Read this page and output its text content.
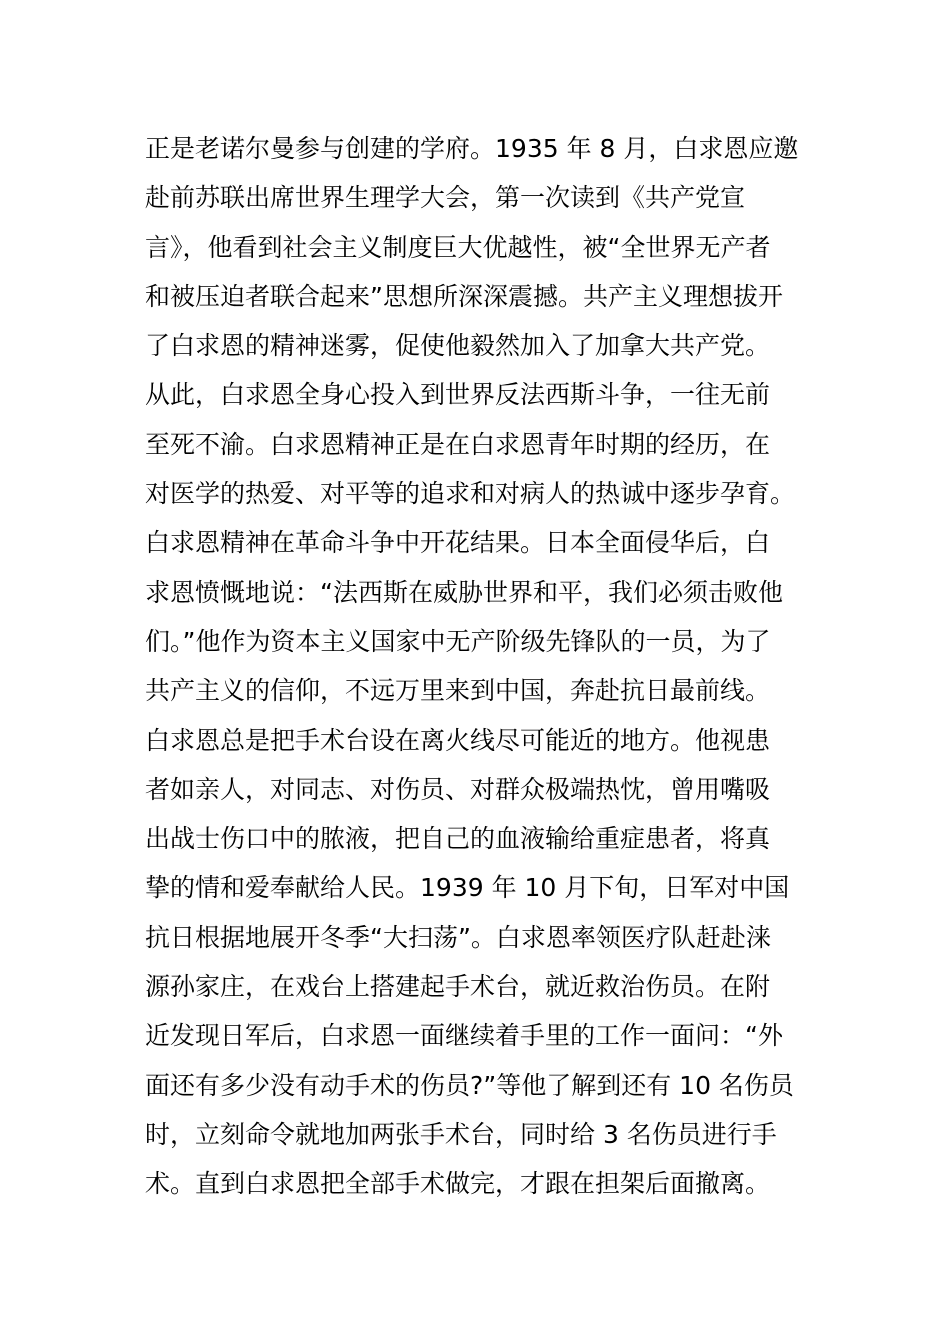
正是老诺尔曼参与创建的学府。1935 年 8 月，白求恩应邀
赴前苏联出席世界生理学大会，第一次读到《共产党宣
言》，他看到社会主义制度巨大优越性，被“全世界无产者
和被压迫者联合起来”思想所深深震撼。共产主义理想拔开
了白求恩的精神迷雾，促使他毅然加入了加拿大共产党。
从此，白求恩全身心投入到世界反法西斯斗争，一往无前
至死不渝。白求恩精神正是在白求恩青年时期的经历，在
对医学的热爱、对平等的追求和对病人的热诚中逐步孕育。
白求恩精神在革命斗争中开花结果。日本全面侵华后，白
求恩愤慨地说：“法西斯在威胁世界和平，我们必须击败他
们。”他作为资本主义国家中无产阶级先锋队的一员，为了
共产主义的信仰，不远万里来到中国，奔赴抗日最前线。
白求恩总是把手术台设在离火线尽可能近的地方。他视患
者如亲人，对同志、对伤员、对群众极端热忱，曾用嘴吸
出战士伤口中的脓液，把自己的血液输给重症患者，将真
挚的情和爱奉献给人民。1939 年 10 月下旬，日军对中国
抗日根据地展开冬季“大扫荡”。白求恩率领医疗队赶赴涞
源孙家庄，在戏台上搭建起手术台，就近救治伤员。在附
近发现日军后，白求恩一面继续着手里的工作一面问：“外
面还有多少没有动手术的伤员?”等他了解到还有 10 名伤员
时，立刻命令就地加两张手术台，同时给 3 名伤员进行手
术。直到白求恩把全部手术做完，才跟在担架后面撤离。
